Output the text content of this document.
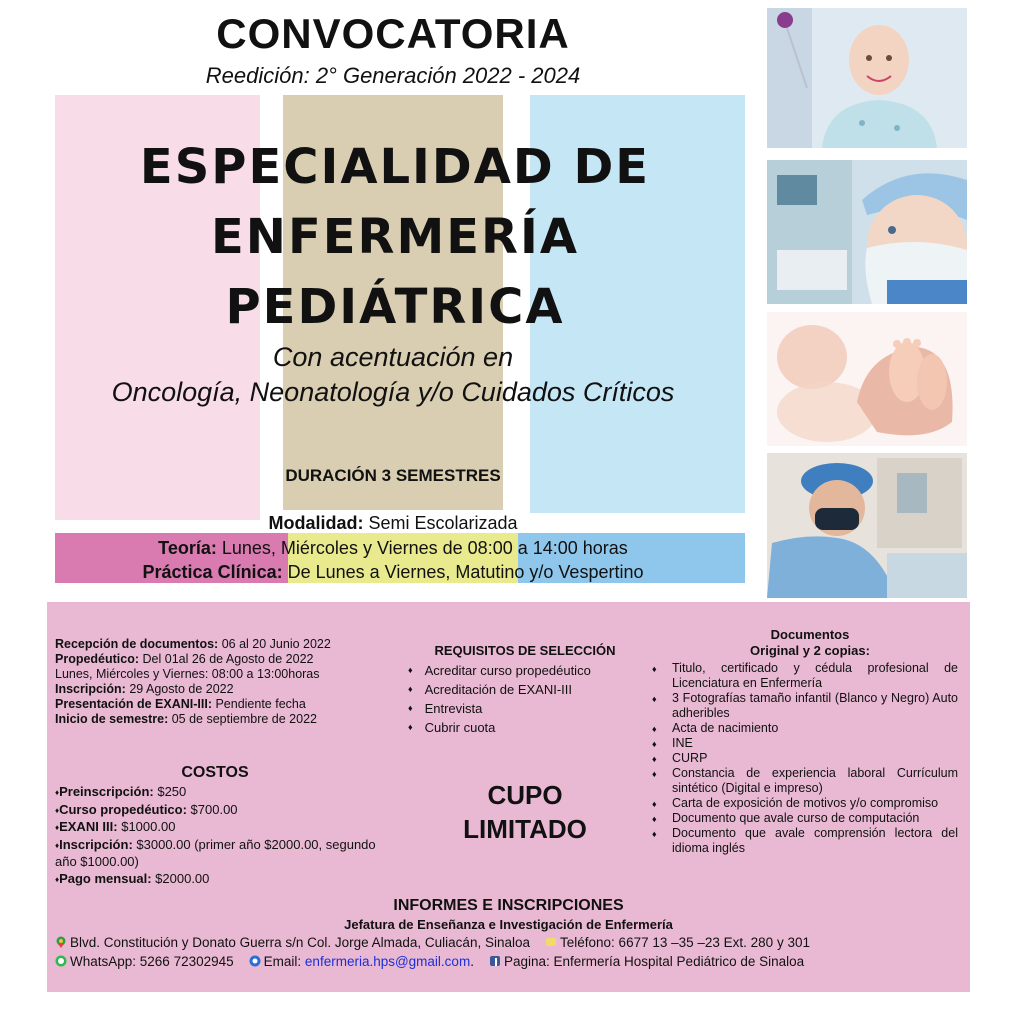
CONVOCATORIA
Reedición: 2° Generación 2022 - 2024
ESPECIALIDAD DE
ENFERMERÍA
PEDIÁTRICA
Con acentuación en
Oncología, Neonatología y/o Cuidados Críticos
DURACIÓN 3 SEMESTRES
Modalidad: Semi Escolarizada
Teoría: Lunes, Miércoles y Viernes de 08:00 a 14:00 horas
Práctica Clínica: De Lunes a Viernes, Matutino y/o Vespertino
Recepción de documentos: 06 al 20 Junio 2022
Propedéutico: Del 01al 26 de Agosto de 2022
Lunes, Miércoles y Viernes: 08:00 a 13:00horas
Inscripción: 29 Agosto de 2022
Presentación de EXANI-III: Pendiente fecha
Inicio de semestre: 05 de septiembre de 2022
REQUISITOS DE SELECCIÓN
♦ Acreditar curso propedéutico
♦ Acreditación de EXANI-III
♦ Entrevista
♦ Cubrir cuota
Documentos
Original y 2 copias:
♦ Titulo, certificado y cédula profesional de Licenciatura en Enfermería
♦ 3 Fotografías tamaño infantil (Blanco y Negro) Auto adheribles
♦ Acta de nacimiento
♦ INE
♦ CURP
♦ Constancia de experiencia laboral Currículum sintético (Digital e impreso)
♦ Carta de exposición de motivos y/o compromiso
♦ Documento que avale curso de computación
♦ Documento que avale comprensión lectora del idioma inglés
COSTOS
♦ Preinscripción: $250
♦ Curso propedéutico: $700.00
♦ EXANI III: $1000.00
♦ Inscripción: $3000.00 (primer año $2000.00, segundo año $1000.00)
♦ Pago mensual: $2000.00
CUPO
LIMITADO
INFORMES E INSCRIPCIONES
Jefatura de Enseñanza e Investigación de Enfermería
Blvd. Constitución y Donato Guerra s/n Col. Jorge Almada, Culiacán, Sinaloa Teléfono: 6677 13 –35 –23 Ext. 280 y 301
WhatsApp: 5266 72302945 Email: enfermeria.hps@gmail.com. Pagina: Enfermería Hospital Pediátrico de Sinaloa
